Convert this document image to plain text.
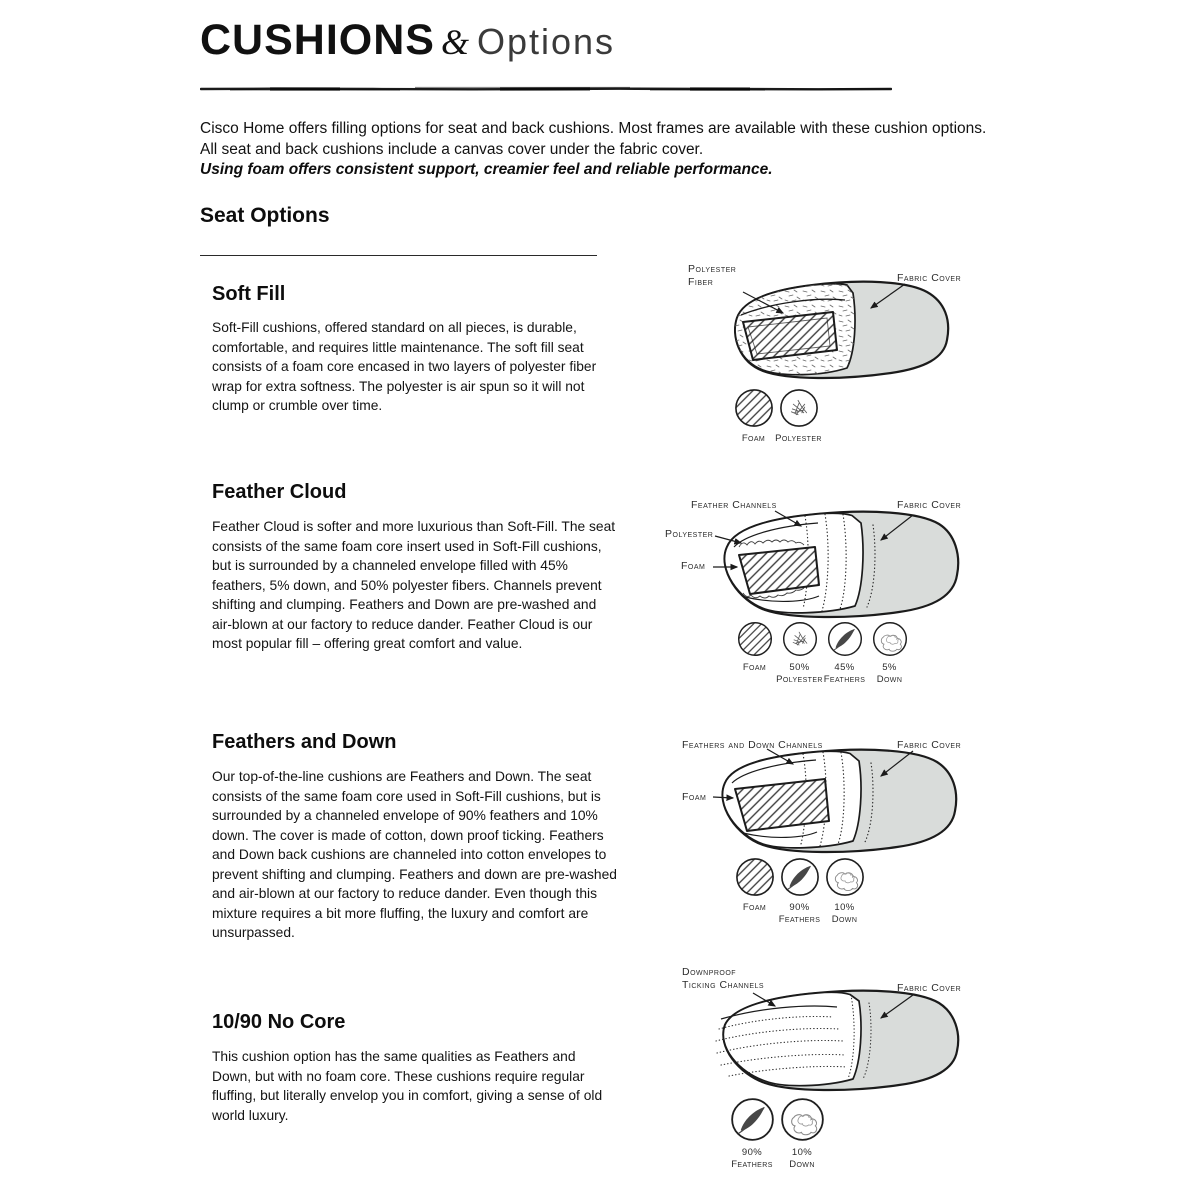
CUSHIONS & Options

Cisco Home offers filling options for seat and back cushions. Most frames are available with these cushion options. All seat and back cushions include a canvas cover under the fabric cover.

Using foam offers consistent support, creamier feel and reliable performance.

Seat Options
Soft Fill

Soft-Fill cushions, offered standard on all pieces, is durable, comfortable, and requires little maintenance. The soft fill seat consists of a foam core encased in two layers of polyester fiber wrap for extra softness. The polyester is air spun so it will not clump or crumble over time.

Polyester
Fiber	Fabric Cover
Foam Polyester
Feather Cloud

Feather Cloud is softer and more luxurious than Soft-Fill. The seat consists of the same foam core insert used in Soft-Fill cushions, but is surrounded by a channeled envelope filled with 45% feathers, 5% down, and 50% polyester fibers. Channels prevent shifting and clumping. Feathers and Down are pre-washed and air-blown at our factory to reduce dander. Feather Cloud is our most popular fill – offering great comfort and value.

Feather Channels
Polyester
Foam
Fabric Cover
Foam 50%
Polyester
45%
Feathers
5%
Down
Feathers and Down

Our top-of-the-line cushions are Feathers and Down. The seat consists of the same foam core used in Soft-Fill cushions, but is surrounded by a channeled envelope of 90% feathers and 10% down. The cover is made of cotton, down proof ticking. Feathers and Down back cushions are channeled into cotton envelopes to prevent shifting and clumping. Feathers and down are pre-washed and air-blown at our factory to reduce dander. Even though this mixture requires a bit more fluffing, the luxury and comfort are unsurpassed.

Feathers and Down Channels
Foam
Fabric Cover
Foam 90%
Feathers
10%
Down
10/90 No Core

This cushion option has the same qualities as Feathers and Down, but with no foam core. These cushions require regular fluffing, but literally envelop you in comfort, giving a sense of old world luxury.

Downproof
Ticking Channels	Fabric Cover
90%
Feathers
10%
Down
